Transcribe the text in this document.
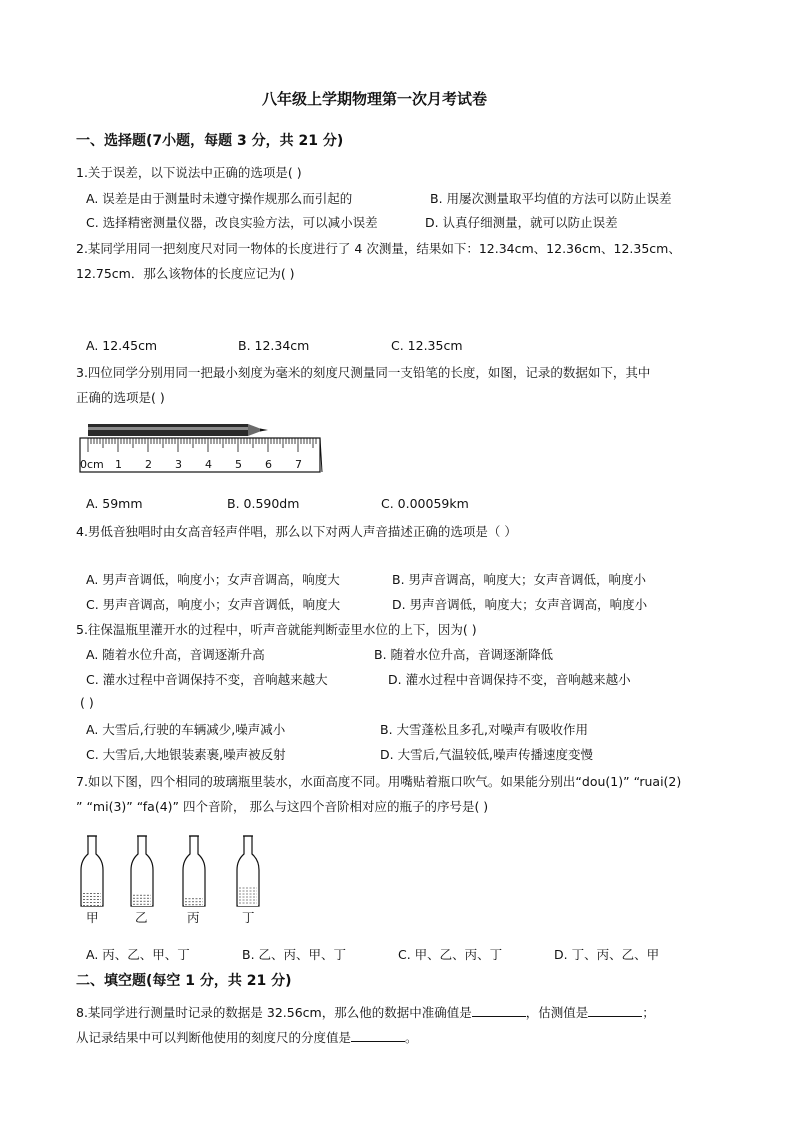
八年级上学期物理第一次月考试卷
一、选择题(7小题，每题 3 分，共 21 分)
1.关于误差，以下说法中正确的选项是( )
A. 误差是由于测量时未遵守操作规那么而引起的	B. 用屡次测量取平均值的方法可以防止误差
C. 选择精密测量仪器，改良实验方法，可以减小误差	D. 认真仔细测量，就可以防止误差
2.某同学用同一把刻度尺对同一物体的长度进行了 4 次测量，结果如下：12.34cm、12.36cm、12.35cm、
12.75cm．那么该物体的长度应记为( )
A. 12.45cm	B. 12.34cm	C. 12.35cm
3.四位同学分别用同一把最小刻度为毫米的刻度尺测量同一支铅笔的长度，如图，记录的数据如下，其中
正确的选项是( )
0cm 1 2 3 4 5 6 7
A. 59mm	B. 0.590dm	C. 0.00059km
4.男低音独唱时由女高音轻声伴唱，那么以下对两人声音描述正确的选项是（ ）
A. 男声音调低，响度小；女声音调高，响度大	B. 男声音调高，响度大；女声音调低，响度小
C. 男声音调高，响度小；女声音调低，响度大	D. 男声音调低，响度大；女声音调高，响度小
5.往保温瓶里灌开水的过程中，听声音就能判断壶里水位的上下，因为( )
A. 随着水位升高，音调逐渐升高	B. 随着水位升高，音调逐渐降低
C. 灌水过程中音调保持不变，音响越来越大	D. 灌水过程中音调保持不变，音响越来越小
( )
A. 大雪后,行驶的车辆减少,噪声减小	B. 大雪蓬松且多孔,对噪声有吸收作用
C. 大雪后,大地银装素裹,噪声被反射	D. 大雪后,气温较低,噪声传播速度变慢
7.如以下图，四个相同的玻璃瓶里装水，水面高度不同。用嘴贴着瓶口吹气。如果能分别出“dou(1)” “ruai(2)
” “mi(3)” “fa(4)” 四个音阶， 那么与这四个音阶相对应的瓶子的序号是( )
甲	乙	丙	丁
A. 丙、乙、甲、丁	B. 乙、丙、甲、丁	C. 甲、乙、丙、丁	D. 丁、丙、乙、甲
二、填空题(每空 1 分，共 21 分)
8.某同学进行测量时记录的数据是 32.56cm，那么他的数据中准确值是	，估测值是	；
从记录结果中可以判断他使用的刻度尺的分度值是	。
